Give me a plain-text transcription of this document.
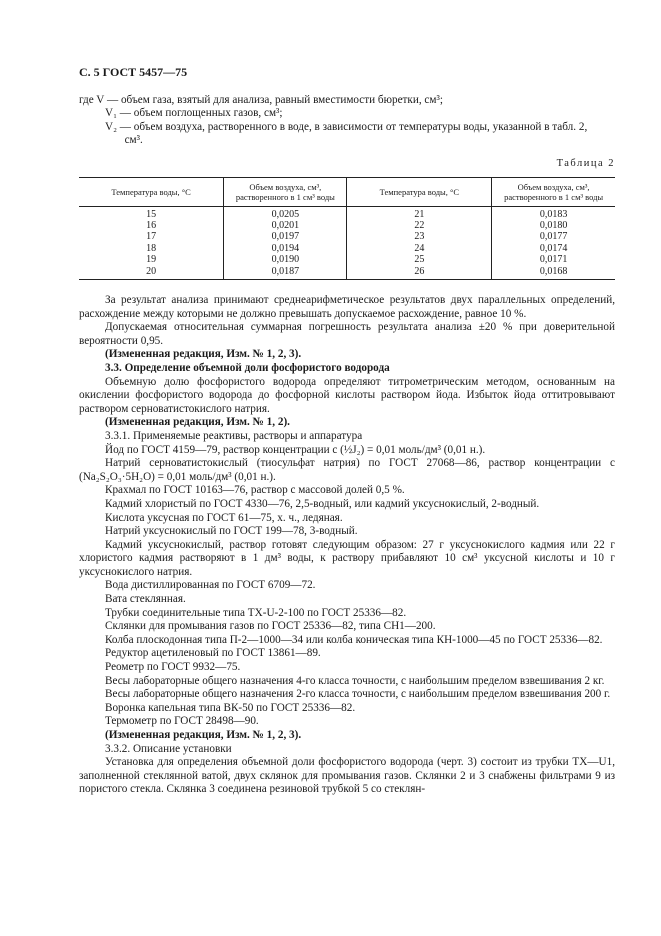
С. 5 ГОСТ 5457—75
где V — объем газа, взятый для анализа, равный вместимости бюретки, см³;
V₁ — объем поглощенных газов, см³;
V₂ — объем воздуха, растворенного в воде, в зависимости от температуры воды, указанной в табл. 2,
см³.
Таблица 2
Температура воды, °С	Объем воздуха, см³, растворенного в 1 см³ воды	Температура воды, °С	Объем воздуха, см³, растворенного в 1 см³ воды
15	0,0205	21	0,0183
16	0,0201	22	0,0180
17	0,0197	23	0,0177
18	0,0194	24	0,0174
19	0,0190	25	0,0171
20	0,0187	26	0,0168

За результат анализа принимают среднеарифметическое результатов двух параллельных определений, расхождение между которыми не должно превышать допускаемое расхождение, равное 10 %.

Допускаемая относительная суммарная погрешность результата анализа ±20 % при доверительной вероятности 0,95.

(Измененная редакция, Изм. № 1, 2, 3).

3.3. Определение объемной доли фосфористого водорода

Объемную долю фосфористого водорода определяют титрометрическим методом, основанным на окислении фосфористого водорода до фосфорной кислоты раствором йода. Избыток йода оттитровывают раствором серноватистокислого натрия.

(Измененная редакция, Изм. № 1, 2).

3.3.1. Применяемые реактивы, растворы и аппаратура

Йод по ГОСТ 4159—79, раствор концентрации c (½J₂) = 0,01 моль/дм³ (0,01 н.).

Натрий серноватистокислый (тиосульфат натрия) по ГОСТ 27068—86, раствор концентрации c (Na₂S₂O₃·5H₂O) = 0,01 моль/дм³ (0,01 н.).

Крахмал по ГОСТ 10163—76, раствор с массовой долей 0,5 %.

Кадмий хлористый по ГОСТ 4330—76, 2,5-водный, или кадмий уксуснокислый, 2-водный.

Кислота уксусная по ГОСТ 61—75, х. ч., ледяная.

Натрий уксуснокислый по ГОСТ 199—78, 3-водный.

Кадмий уксуснокислый, раствор готовят следующим образом: 27 г уксуснокислого кадмия или 22 г хлористого кадмия растворяют в 1 дм³ воды, к раствору прибавляют 10 см³ уксусной кислоты и 10 г уксуснокислого натрия.

Вода дистиллированная по ГОСТ 6709—72.

Вата стеклянная.

Трубки соединительные типа ТХ-U-2-100 по ГОСТ 25336—82.

Склянки для промывания газов по ГОСТ 25336—82, типа СН1—200.

Колба плоскодонная типа П-2—1000—34 или колба коническая типа КН-1000—45 по ГОСТ 25336—82.

Редуктор ацетиленовый по ГОСТ 13861—89.

Реометр по ГОСТ 9932—75.

Весы лабораторные общего назначения 4-го класса точности, с наибольшим пределом взвешивания 2 кг.

Весы лабораторные общего назначения 2-го класса точности, с наибольшим пределом взвешивания 200 г.

Воронка капельная типа ВК-50 по ГОСТ 25336—82.

Термометр по ГОСТ 28498—90.

(Измененная редакция, Изм. № 1, 2, 3).

3.3.2. Описание установки

Установка для определения объемной доли фосфористого водорода (черт. 3) состоит из трубки ТХ—U1, заполненной стеклянной ватой, двух склянок для промывания газов. Склянки 2 и 3 снабжены фильтрами 9 из пористого стекла. Склянка 3 соединена резиновой трубкой 5 со стеклян-
